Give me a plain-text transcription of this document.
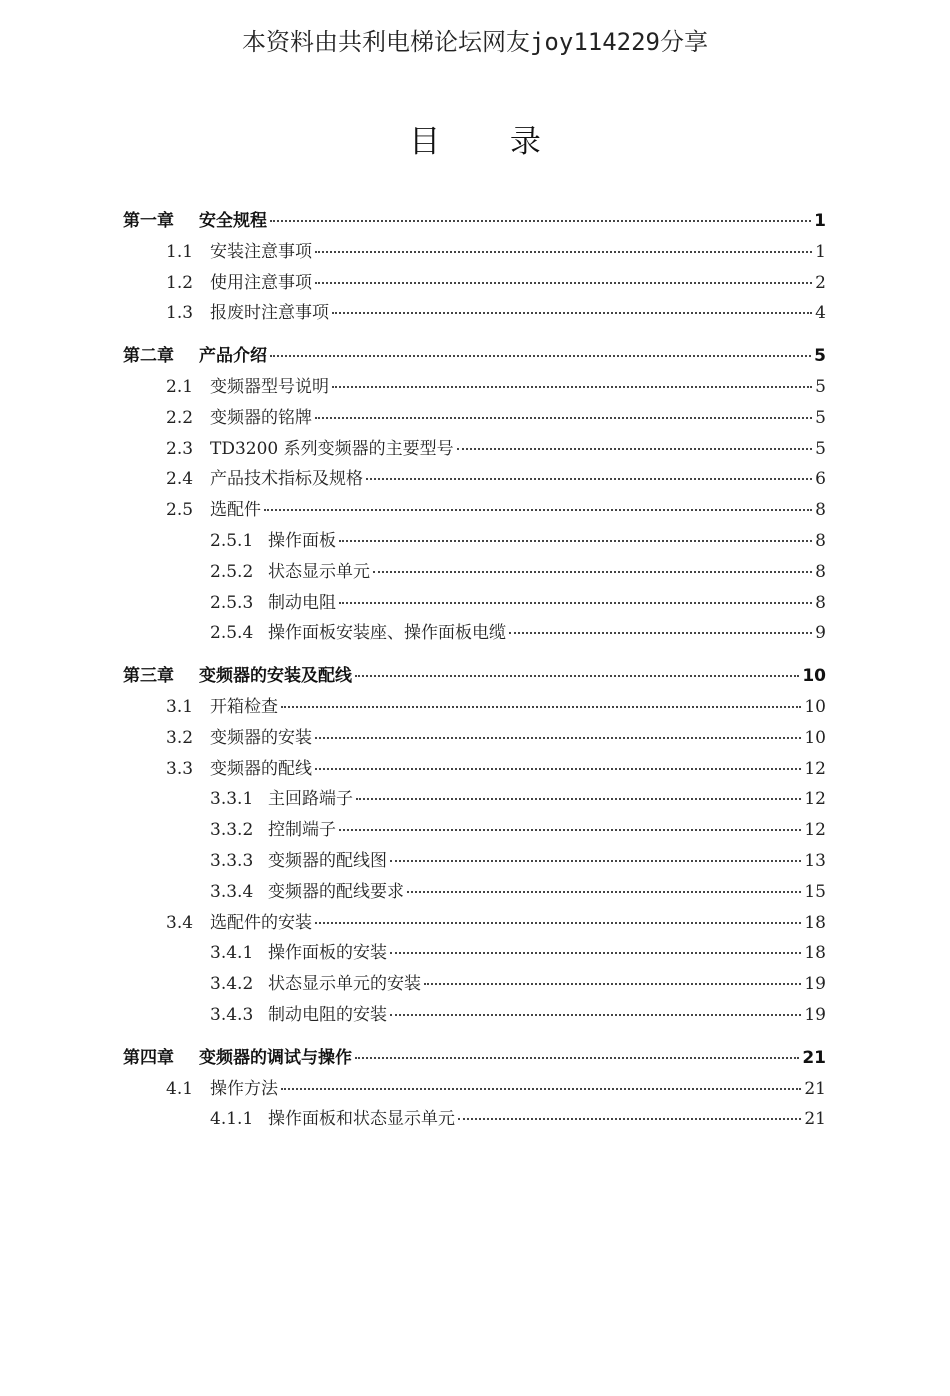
本资料由共利电梯论坛网友joy114229分享
目 录
第一章	安全规程	1
1.1 安装注意事项	1
1.2 使用注意事项	2
1.3 报废时注意事项	4
第二章	产品介绍	5
2.1 变频器型号说明	5
2.2 变频器的铭牌	5
2.3 TD3200 系列变频器的主要型号	5
2.4 产品技术指标及规格	6
2.5 选配件	8
2.5.1 操作面板	8
2.5.2 状态显示单元	8
2.5.3 制动电阻	8
2.5.4 操作面板安装座、操作面板电缆	9
第三章	变频器的安装及配线	10
3.1 开箱检查	10
3.2 变频器的安装	10
3.3 变频器的配线	12
3.3.1 主回路端子	12
3.3.2 控制端子	12
3.3.3 变频器的配线图	13
3.3.4 变频器的配线要求	15
3.4 选配件的安装	18
3.4.1 操作面板的安装	18
3.4.2 状态显示单元的安装	19
3.4.3 制动电阻的安装	19
第四章	变频器的调试与操作	21
4.1 操作方法	21
4.1.1 操作面板和状态显示单元	21
